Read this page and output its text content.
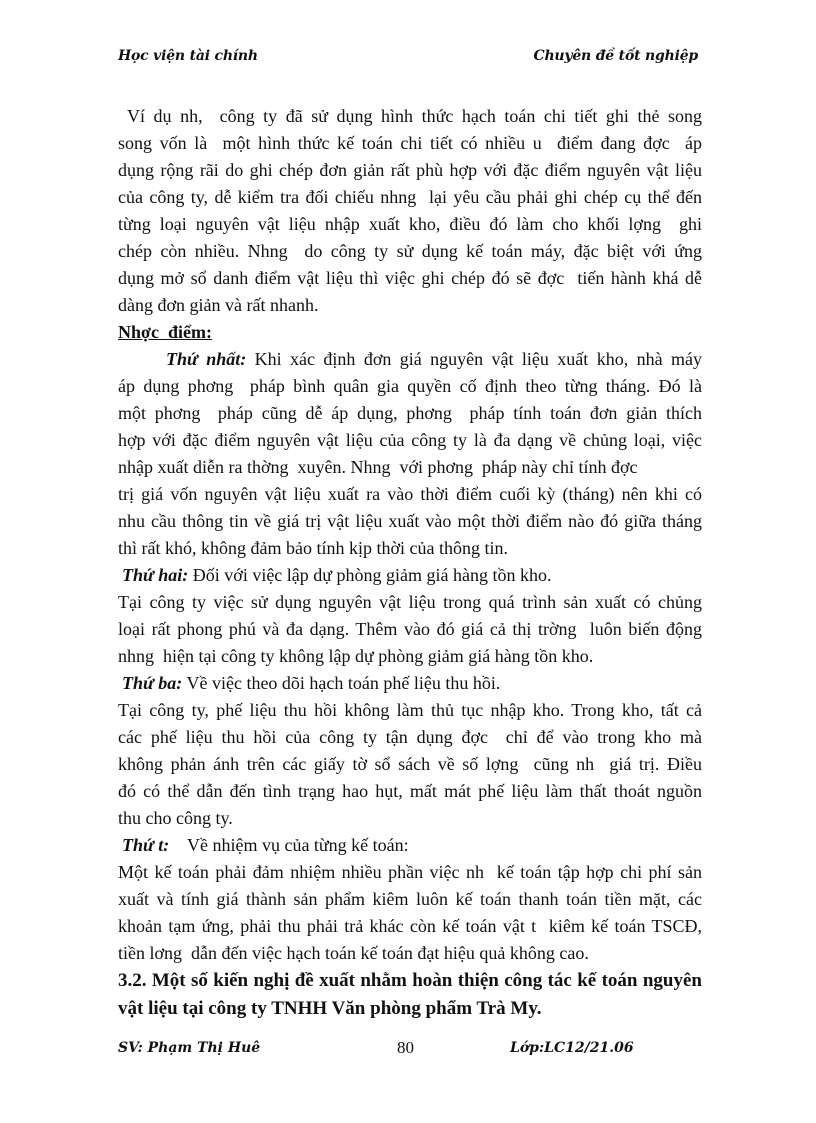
Học viện tài chính	Chuyên đề tốt nghiệp
Ví dụ nh,  công ty đã sử dụng hình thức hạch toán chi tiết ghi thẻ song
song vốn là  một hình thức kế toán chi tiết có nhiều u  điểm đang đợc  áp
dụng rộng rãi do ghi chép đơn giản rất phù hợp với đặc điểm nguyên vật liệu
của công ty, dễ kiểm tra đối chiếu nhng  lại yêu cầu phải ghi chép cụ thể đến
từng loại nguyên vật liệu nhập xuất kho, điều đó làm cho khối lợng  ghi
chép còn nhiều. Nhng  do công ty sử dụng kế toán máy, đặc biệt với ứng
dụng mở sổ danh điểm vật liệu thì việc ghi chép đó sẽ đợc  tiến hành khá dễ
dàng đơn giản và rất nhanh.
Nhợc  điểm:
Thứ nhất: Khi xác định đơn giá nguyên vật liệu xuất kho, nhà máy
áp dụng phơng  pháp bình quân gia quyền cố định theo từng tháng. Đó là
một phơng  pháp cũng dễ áp dụng, phơng  pháp tính toán đơn giản thích
hợp với đặc điểm nguyên vật liệu của công ty là đa dạng về chủng loại, việc
nhập xuất diễn ra thờng  xuyên. Nhng  với phơng  pháp này chỉ tính đợc
trị giá vốn nguyên vật liệu xuất ra vào thời điểm cuối kỳ (tháng) nên khi có
nhu cầu thông tin về giá trị vật liệu xuất vào một thời điểm nào đó giữa tháng
thì rất khó, không đảm bảo tính kịp thời của thông tin.
Thứ hai: Đối với việc lập dự phòng giảm giá hàng tồn kho.
Tại công ty việc sử dụng nguyên vật liệu trong quá trình sản xuất có chủng
loại rất phong phú và đa dạng. Thêm vào đó giá cả thị trờng  luôn biến động
nhng  hiện tại công ty không lập dự phòng giảm giá hàng tồn kho.
Thứ ba: Về việc theo dõi hạch toán phế liệu thu hồi.
Tại công ty, phế liệu thu hồi không làm thủ tục nhập kho. Trong kho, tất cả
các phế liệu thu hồi của công ty tận dụng đợc  chỉ để vào trong kho mà
không phản ánh trên các giấy tờ sổ sách về số lợng  cũng nh  giá trị. Điều
đó có thể dẫn đến tình trạng hao hụt, mất mát phế liệu làm thất thoát nguồn
thu cho công ty.
Thứ t:    Về nhiệm vụ của từng kế toán:
Một kế toán phải đảm nhiệm nhiều phần việc nh  kế toán tập hợp chi phí sản
xuất và tính giá thành sản phẩm kiêm luôn kế toán thanh toán tiền mặt, các
khoản tạm ứng, phải thu phải trả khác còn kế toán vật t  kiêm kế toán TSCĐ,
tiền lơng  dẫn đến việc hạch toán kế toán đạt hiệu quả không cao.
3.2. Một số kiến nghị đề xuất nhằm hoàn thiện công tác kế toán nguyên
vật liệu tại công ty TNHH Văn phòng phẩm Trà My.
SV: Phạm Thị Huê	80	Lớp:LC12/21.06
